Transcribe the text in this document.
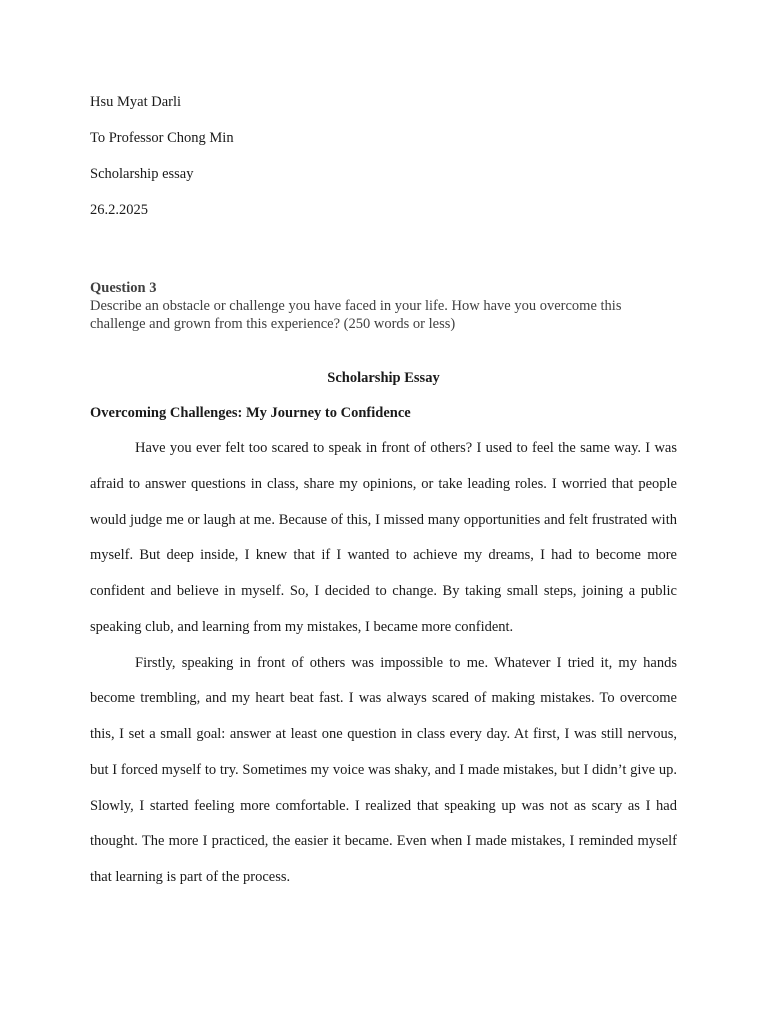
Hsu Myat Darli
To Professor Chong Min
Scholarship essay
26.2.2025
Question 3
Describe an obstacle or challenge you have faced in your life. How have you overcome this challenge and grown from this experience? (250 words or less)
Scholarship Essay
Overcoming Challenges: My Journey to Confidence

Have you ever felt too scared to speak in front of others? I used to feel the same way. I was afraid to answer questions in class, share my opinions, or take leading roles. I worried that people would judge me or laugh at me. Because of this, I missed many opportunities and felt frustrated with myself. But deep inside, I knew that if I wanted to achieve my dreams, I had to become more confident and believe in myself. So, I decided to change. By taking small steps, joining a public speaking club, and learning from my mistakes, I became more confident.

Firstly, speaking in front of others was impossible to me. Whatever I tried it, my hands become trembling, and my heart beat fast. I was always scared of making mistakes. To overcome this, I set a small goal: answer at least one question in class every day. At first, I was still nervous, but I forced myself to try. Sometimes my voice was shaky, and I made mistakes, but I didn’t give up. Slowly, I started feeling more comfortable. I realized that speaking up was not as scary as I had thought. The more I practiced, the easier it became. Even when I made mistakes, I reminded myself that learning is part of the process.
